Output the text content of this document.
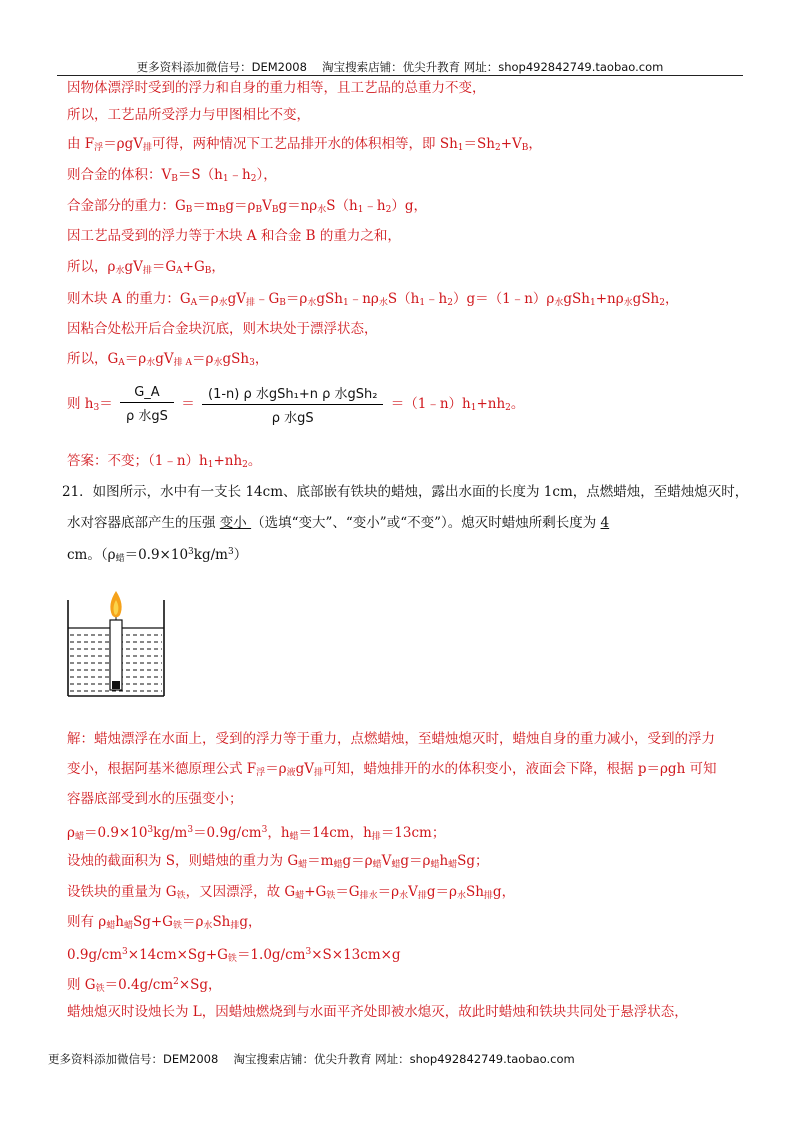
更多资料添加微信号：DEM2008　 淘宝搜索店铺：优尖升教育 网址：shop492842749.taobao.com
因物体漂浮时受到的浮力和自身的重力相等，且工艺品的总重力不变，
所以，工艺品所受浮力与甲图相比不变，
由 $F_浮=\rho gV_排$可得，两种情况下工艺品排开水的体积相等，即 $Sh_1=Sh_2+V_B$，
则合金的体积：$V_B=S(h_1﹣h_2)$，
合金部分的重力：$G_B=m_Bg=\rho_BV_Bg=n\rho_水S(h_1﹣h_2)g$，
因工艺品受到的浮力等于木块 A 和合金 B 的重力之和，
所以，$\rho_水gV_排=G_A+G_B$，
则木块 A 的重力：$G_A=\rho_水gV_排﹣G_B=\rho_水gSh_1﹣n\rho_水S(h_1﹣h_2)g=(1﹣n)\rho_水gSh_1+n\rho_水gSh_2$，
因粘合处松开后合金块沉底，则木块处于漂浮状态，
所以，$G_A=\rho_水gV_{排 A}=\rho_水gSh_3$，
则 $h_3= \frac{G\_A}{\text{ρ 水gS}} = \frac{\text{(1-n) ρ 水gSh₁+n ρ 水gSh₂}}{\text{ρ 水gS}}$ $=(1﹣n)h_1+nh_2$。
答案：不变；$(1﹣n)h_1+nh_2$。
21．如图所示，水中有一支长 14cm、底部嵌有铁块的蜡烛，露出水面的长度为 1cm，点燃蜡烛，至蜡烛熄灭时，
水对容器底部产生的压强 变小 （选填“变大”、“变小”或“不变”）。熄灭时蜡烛所剩长度为 4
cm。$(\rho_蜡=0.9\times 10^3kg/m^3)$
解：蜡烛漂浮在水面上，受到的浮力等于重力，点燃蜡烛，至蜡烛熄灭时，蜡烛自身的重力减小，受到的浮力
变小，根据阿基米德原理公式 $F_浮=\rho_液gV_排$可知，蜡烛排开的水的体积变小，液面会下降，根据 p＝ρgh 可知
容器底部受到水的压强变小；
$\rho_蜡=0.9\times 10^3kg/m^3=0.9g/cm^3$，$h_蜡=14cm$，$h_排=13cm$；
设烛的截面积为 S，则蜡烛的重力为 $G_蜡=m_蜡g=\rho_蜡V_蜡g=\rho_蜡h_蜡Sg$；
设铁块的重量为 $G_铁$，又因漂浮，故 $G_蜡+G_铁=G_{排水}=\rho_水V_排g=\rho_水Sh_排g$，
则有 $\rho_蜡h_蜡Sg+G_铁=\rho_水Sh_排g$，
$0.9g/cm^3\times 14cm\times Sg+G_铁=1.0g/cm^3\times S\times 13cm\times g$
则 $G_铁=0.4g/cm^2\times Sg$，
蜡烛熄灭时设烛长为 L，因蜡烛燃烧到与水面平齐处即被水熄灭，故此时蜡烛和铁块共同处于悬浮状态，
更多资料添加微信号：DEM2008　 淘宝搜索店铺：优尖升教育 网址：shop492842749.taobao.com
